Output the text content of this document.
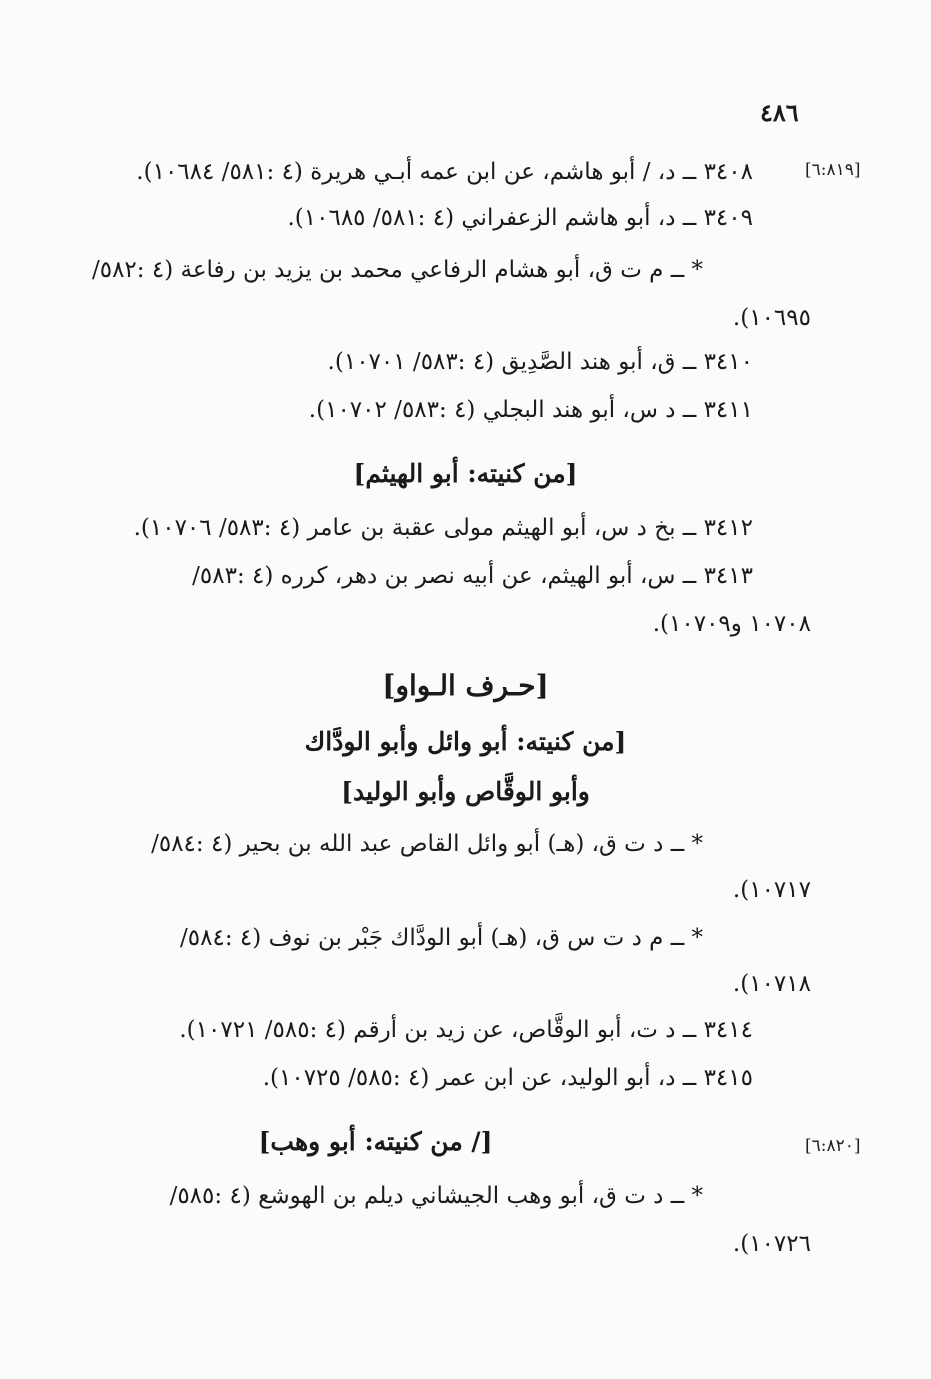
٤٨٦
[٦:٨١٩]
٣٤٠٨ ــ د، / أبو هاشم، عن ابن عمه أبـي هريرة (٤ :٥٨١/ ١٠٦٨٤).
٣٤٠٩ ــ د، أبو هاشم الزعفراني (٤ :٥٨١/ ١٠٦٨٥).
* ــ م ت ق، أبو هشام الرفاعي محمد بن يزيد بن رفاعة (٤ :٥٨٢/
١٠٦٩٥).
٣٤١٠ ــ ق، أبو هند الصَّدِيق (٤ :٥٨٣/ ١٠٧٠١).
٣٤١١ ــ د س، أبو هند البجلي (٤ :٥٨٣/ ١٠٧٠٢).
[من كنيته: أبو الهيثم]
٣٤١٢ ــ بخ د س، أبو الهيثم مولى عقبة بن عامر (٤ :٥٨٣/ ١٠٧٠٦).
٣٤١٣ ــ س، أبو الهيثم، عن أبيه نصر بن دهر، كرره (٤ :٥٨٣/
١٠٧٠٨ و١٠٧٠٩).
[حـرف الـواو]
[من كنيته: أبو وائل وأبو الودَّاك
وأبو الوقَّاص وأبو الوليد]
* ــ د ت ق، (هـ) أبو وائل القاص عبد الله بن بحير (٤ :٥٨٤/
١٠٧١٧).
* ــ م د ت س ق، (هـ) أبو الودَّاك جَبْر بن نوف (٤ :٥٨٤/
١٠٧١٨).
٣٤١٤ ــ د ت، أبو الوقَّاص، عن زيد بن أرقم (٤ :٥٨٥/ ١٠٧٢١).
٣٤١٥ ــ د، أبو الوليد، عن ابن عمر (٤ :٥٨٥/ ١٠٧٢٥).
[٦:٨٢٠]
[/ من كنيته: أبو وهب]
* ــ د ت ق، أبو وهب الجيشاني ديلم بن الهوشع (٤ :٥٨٥/
١٠٧٢٦).
